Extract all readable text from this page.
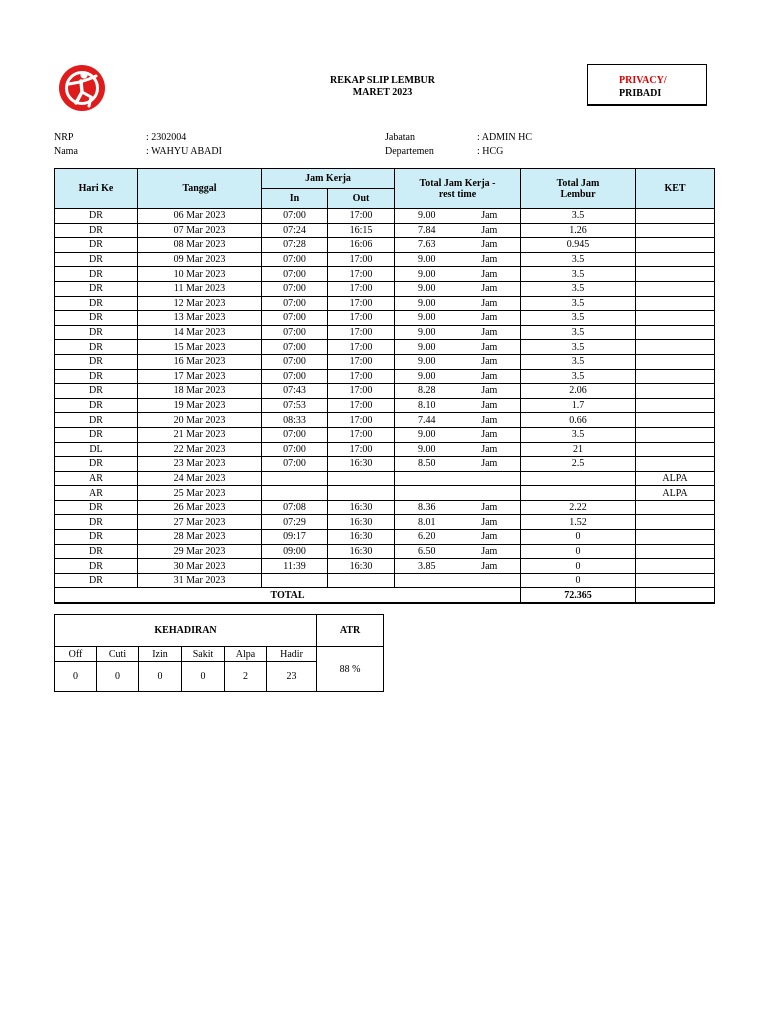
REKAP SLIP LEMBUR
MARET 2023
PRIVACY/
PRIBADI
NRP	: 2302004
Nama	: WAHYU ABADI
Jabatan	: ADMIN HC
Departemen	: HCG
Hari Ke	Tanggal	Jam Kerja		Total Jam Kerja - rest time		Total Jam Lembur	KET
		In	Out				
DR	06 Mar 2023	07:00	17:00	9.00	Jam	3.5	
DR	07 Mar 2023	07:24	16:15	7.84	Jam	1.26	
DR	08 Mar 2023	07:28	16:06	7.63	Jam	0.945	
DR	09 Mar 2023	07:00	17:00	9.00	Jam	3.5	
DR	10 Mar 2023	07:00	17:00	9.00	Jam	3.5	
DR	11 Mar 2023	07:00	17:00	9.00	Jam	3.5	
DR	12 Mar 2023	07:00	17:00	9.00	Jam	3.5	
DR	13 Mar 2023	07:00	17:00	9.00	Jam	3.5	
DR	14 Mar 2023	07:00	17:00	9.00	Jam	3.5	
DR	15 Mar 2023	07:00	17:00	9.00	Jam	3.5	
DR	16 Mar 2023	07:00	17:00	9.00	Jam	3.5	
DR	17 Mar 2023	07:00	17:00	9.00	Jam	3.5	
DR	18 Mar 2023	07:43	17:00	8.28	Jam	2.06	
DR	19 Mar 2023	07:53	17:00	8.10	Jam	1.7	
DR	20 Mar 2023	08:33	17:00	7.44	Jam	0.66	
DR	21 Mar 2023	07:00	17:00	9.00	Jam	3.5	
DL	22 Mar 2023	07:00	17:00	9.00	Jam	21	
DR	23 Mar 2023	07:00	16:30	8.50	Jam	2.5	
AR	24 Mar 2023						ALPA
AR	25 Mar 2023						ALPA
DR	26 Mar 2023	07:08	16:30	8.36	Jam	2.22	
DR	27 Mar 2023	07:29	16:30	8.01	Jam	1.52	
DR	28 Mar 2023	09:17	16:30	6.20	Jam	0	
DR	29 Mar 2023	09:00	16:30	6.50	Jam	0	
DR	30 Mar 2023	11:39	16:30	3.85	Jam	0	
DR	31 Mar 2023					0	
TOTAL						72.365	
KEHADIRAN						ATR
Off	Cuti	Izin	Sakit	Alpa	Hadir	88 %
0	0	0	0	2	23	
